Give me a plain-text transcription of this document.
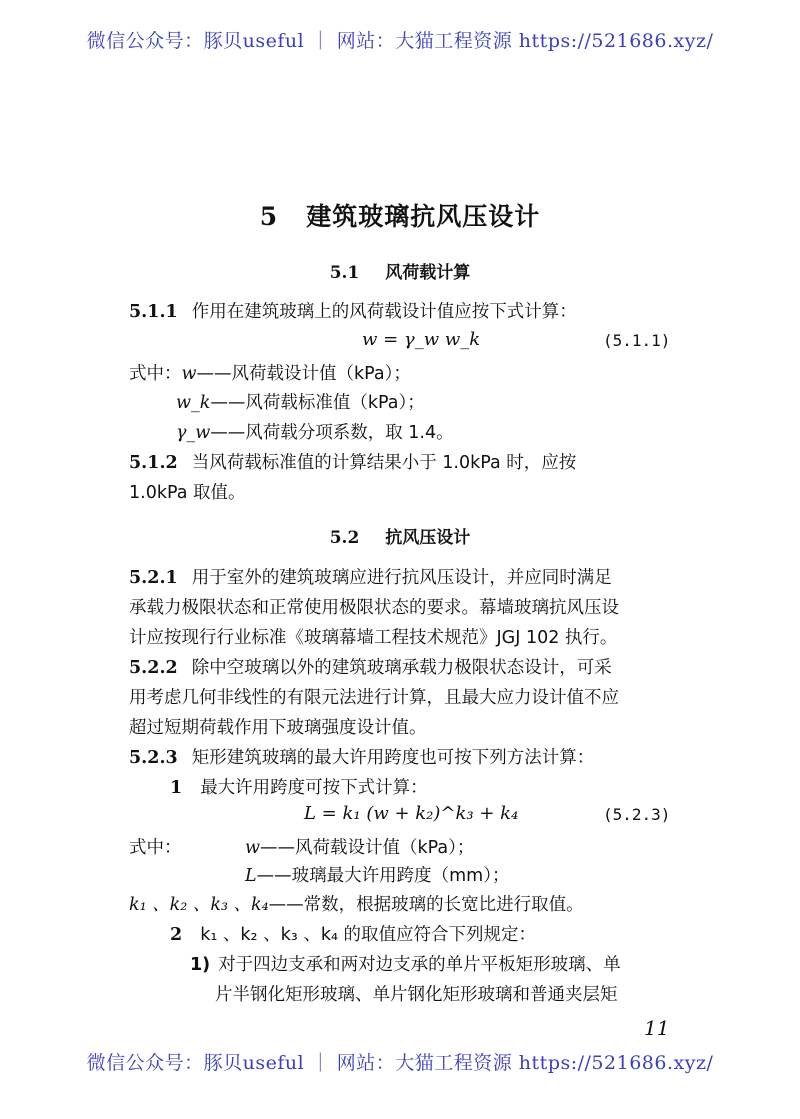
微信公众号：豚贝useful ｜ 网站：大猫工程资源 https://521686.xyz/
5 建筑玻璃抗风压设计
5.1 风荷载计算
5.1.1 作用在建筑玻璃上的风荷载设计值应按下式计算：
w = γ_w w_k	(5.1.1)
式中：w——风荷载设计值（kPa）；
w_k——风荷载标准值（kPa）；
γ_w——风荷载分项系数，取 1.4。
5.1.2 当风荷载标准值的计算结果小于 1.0kPa 时，应按
1.0kPa 取值。
5.2 抗风压设计
5.2.1 用于室外的建筑玻璃应进行抗风压设计，并应同时满足
承载力极限状态和正常使用极限状态的要求。幕墙玻璃抗风压设
计应按现行行业标准《玻璃幕墙工程技术规范》JGJ 102 执行。
5.2.2 除中空玻璃以外的建筑玻璃承载力极限状态设计，可采
用考虑几何非线性的有限元法进行计算，且最大应力设计值不应
超过短期荷载作用下玻璃强度设计值。
5.2.3 矩形建筑玻璃的最大许用跨度也可按下列方法计算：
1 最大许用跨度可按下式计算：
L = k₁ (w + k₂)^k₃ + k₄	(5.2.3)
式中：	w——风荷载设计值（kPa）；
L——玻璃最大许用跨度（mm）；
k₁ 、k₂ 、k₃ 、k₄——常数，根据玻璃的长宽比进行取值。
2 k₁ 、k₂ 、k₃ 、k₄ 的取值应符合下列规定：
1) 对于四边支承和两对边支承的单片平板矩形玻璃、单
片半钢化矩形玻璃、单片钢化矩形玻璃和普通夹层矩
11
微信公众号：豚贝useful ｜ 网站：大猫工程资源 https://521686.xyz/
